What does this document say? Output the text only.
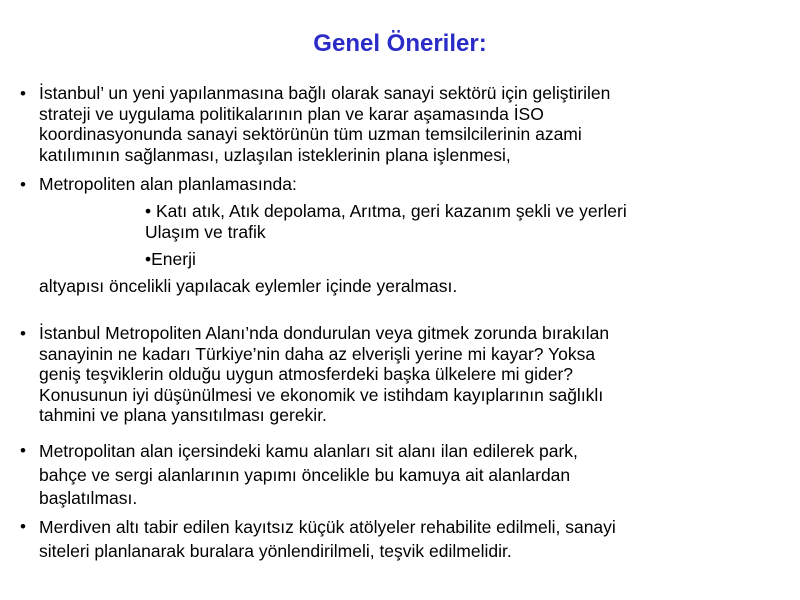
Genel Öneriler:
• İstanbul’ un yeni yapılanmasına bağlı olarak sanayi sektörü için geliştirilen
strateji ve uygulama politikalarının plan ve karar aşamasında İSO
koordinasyonunda sanayi sektörünün tüm uzman temsilcilerinin azami
katılımının sağlanması, uzlaşılan isteklerinin plana işlenmesi,
• Metropoliten alan planlamasında:
• Katı atık, Atık depolama, Arıtma, geri kazanım şekli ve yerleri
Ulaşım ve trafik
•Enerji
altyapısı öncelikli yapılacak eylemler içinde yeralması.
• İstanbul Metropoliten Alanı’nda dondurulan veya gitmek zorunda bırakılan
sanayinin ne kadarı Türkiye’nin daha az elverişli yerine mi kayar? Yoksa
geniş teşviklerin olduğu uygun atmosferdeki başka ülkelere mi gider?
Konusunun iyi düşünülmesi ve ekonomik ve istihdam kayıplarının sağlıklı
tahmini ve plana yansıtılması gerekir.
• Metropolitan alan içersindeki kamu alanları sit alanı ilan edilerek park,
bahçe ve sergi alanlarının yapımı öncelikle bu kamuya ait alanlardan
başlatılması.
• Merdiven altı tabir edilen kayıtsız küçük atölyeler rehabilite edilmeli, sanayi
siteleri planlanarak buralara yönlendirilmeli, teşvik edilmelidir.
